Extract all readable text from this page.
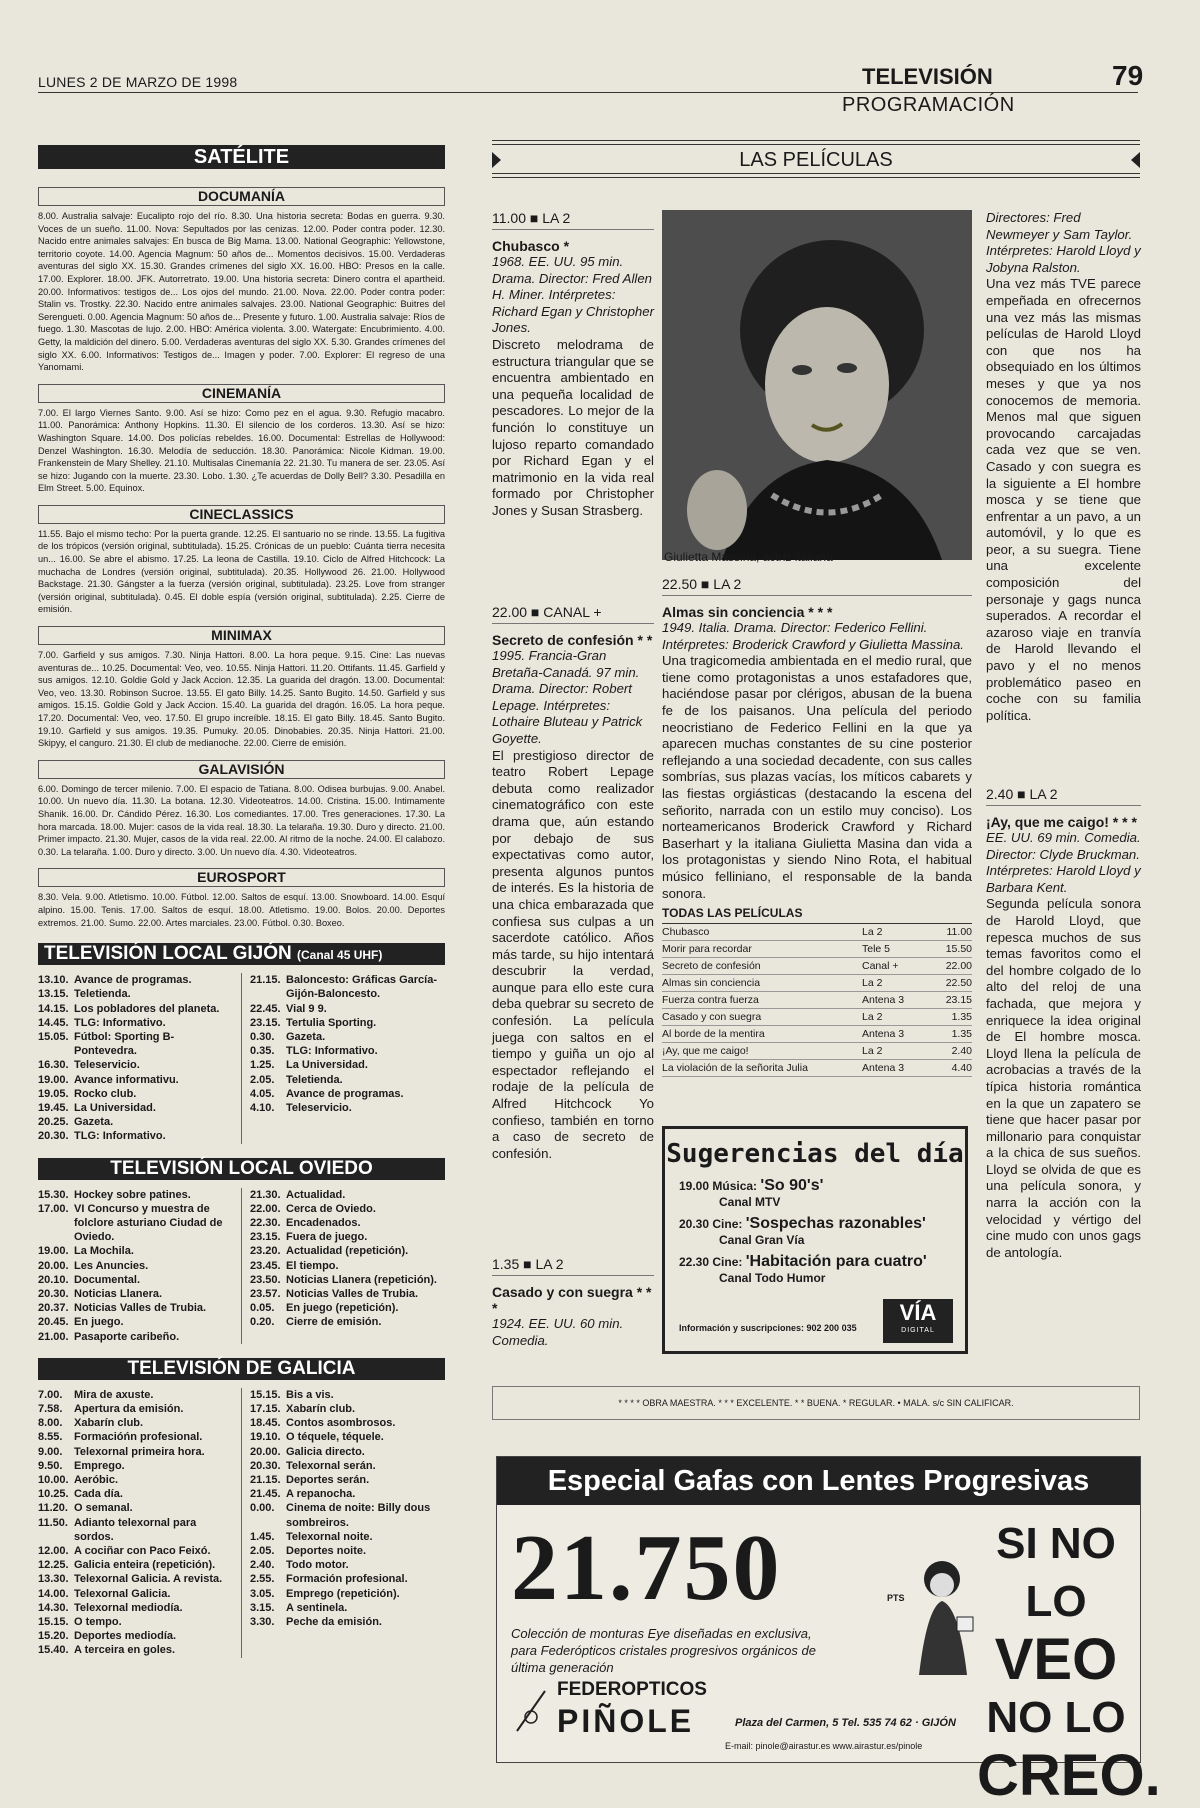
LUNES 2 DE MARZO DE 1998	TELEVISIÓN	79
PROGRAMACIÓN
SATÉLITE
DOCUMANÍA
8.00. Australia salvaje: Eucalipto rojo del río. 8.30. Una historia secreta: Bodas en guerra. 9.30. Voces de un sueño. 11.00. Nova: Sepultados por las cenizas. 12.00. Poder contra poder. 12.30. Nacido entre animales salvajes: En busca de Big Mama. 13.00. National Geographic: Yellowstone, territorio coyote. 14.00. Agencia Magnum: 50 años de... Momentos decisivos. 15.00. Verdaderas aventuras del siglo XX. 15.30. Grandes crímenes del siglo XX. 16.00. HBO: Presos en la calle. 17.00. Explorer. 18.00. JFK. Autorretrato. 19.00. Una historia secreta: Dinero contra el apartheid. 20.00. Informativos: testigos de... Los ojos del mundo. 21.00. Nova. 22.00. Poder contra poder: Stalin vs. Trostky. 22.30. Nacido entre animales salvajes. 23.00. National Geographic: Buitres del Serengueti. 0.00. Agencia Magnum: 50 años de... Presente y futuro. 1.00. Australia salvaje: Ríos de fuego. 1.30. Mascotas de lujo. 2.00. HBO: América violenta. 3.00. Watergate: Encubrimiento. 4.00. Getty, la maldición del dinero. 5.00. Verdaderas aventuras del siglo XX. 5.30. Grandes crímenes del siglo XX. 6.00. Informativos: Testigos de... Imagen y poder. 7.00. Explorer: El regreso de una Yanomami.
CINEMANÍA
7.00. El largo Viernes Santo. 9.00. Así se hizo: Como pez en el agua. 9.30. Refugio macabro. 11.00. Panorámica: Anthony Hopkins. 11.30. El silencio de los corderos. 13.30. Así se hizo: Washington Square. 14.00. Dos policías rebeldes. 16.00. Documental: Estrellas de Hollywood: Denzel Washington. 16.30. Melodía de seducción. 18.30. Panorámica: Nicole Kidman. 19.00. Frankenstein de Mary Shelley. 21.10. Multisalas Cinemanía 22. 21.30. Tu manera de ser. 23.05. Así se hizo: Jugando con la muerte. 23.30. Lobo. 1.30. ¿Te acuerdas de Dolly Bell? 3.30. Pesadilla en Elm Street. 5.00. Equinox.
CINECLASSICS
11.55. Bajo el mismo techo: Por la puerta grande. 12.25. El santuario no se rinde. 13.55. La fugitiva de los trópicos (versión original, subtitulada). 15.25. Crónicas de un pueblo: Cuánta tierra necesita un... 16.00. Se abre el abismo. 17.25. La leona de Castilla. 19.10. Ciclo de Alfred Hitchcock: La muchacha de Londres (versión original, subtitulada). 20.35. Hollywood 26. 21.00. Hollywood Backstage. 21.30. Gángster a la fuerza (versión original, subtitulada). 23.25. Love from stranger (versión original, subtitulada). 0.45. El doble espía (versión original, subtitulada). 2.25. Cierre de emisión.
MINIMAX
7.00. Garfield y sus amigos. 7.30. Ninja Hattori. 8.00. La hora peque. 9.15. Cine: Las nuevas aventuras de... 10.25. Documental: Veo, veo. 10.55. Ninja Hattori. 11.20. Ottifants. 11.45. Garfield y sus amigos. 12.10. Goldie Gold y Jack Accion. 12.35. La guarida del dragón. 13.00. Documental: Veo, veo. 13.30. Robinson Sucroe. 13.55. El gato Billy. 14.25. Santo Bugito. 14.50. Garfield y sus amigos. 15.15. Goldie Gold y Jack Accion. 15.40. La guarida del dragón. 16.05. La hora peque. 17.20. Documental: Veo, veo. 17.50. El grupo increíble. 18.15. El gato Billy. 18.45. Santo Bugito. 19.10. Garfield y sus amigos. 19.35. Pumuky. 20.05. Dinobabies. 20.35. Ninja Hattori. 21.00. Skipyy, el canguro. 21.30. El club de medianoche. 22.00. Cierre de emisión.
GALAVISIÓN
6.00. Domingo de tercer milenio. 7.00. El espacio de Tatiana. 8.00. Odisea burbujas. 9.00. Anabel. 10.00. Un nuevo día. 11.30. La botana. 12.30. Videoteatros. 14.00. Cristina. 15.00. Intimamente Shanik. 16.00. Dr. Cándido Pérez. 16.30. Los comediantes. 17.00. Tres generaciones. 17.30. La hora marcada. 18.00. Mujer: casos de la vida real. 18.30. La telaraña. 19.30. Duro y directo. 21.00. Primer impacto. 21.30. Mujer, casos de la vida real. 22.00. Al ritmo de la noche. 24.00. El calabozo. 0.30. La telaraña. 1.00. Duro y directo. 3.00. Un nuevo día. 4.30. Videoteatros.
EUROSPORT
8.30. Vela. 9.00. Atletismo. 10.00. Fútbol. 12.00. Saltos de esquí. 13.00. Snowboard. 14.00. Esquí alpino. 15.00. Tenis. 17.00. Saltos de esquí. 18.00. Atletismo. 19.00. Bolos. 20.00. Deportes extremos. 21.00. Sumo. 22.00. Artes marciales. 23.00. Fútbol. 0.30. Boxeo.
TELEVISIÓN LOCAL GIJÓN (Canal 45 UHF)
13.10.	Avance de programas.
13.15.	Teletienda.
14.15.	Los pobladores del planeta.
14.45.	TLG: Informativo.
15.05.	Fútbol: Sporting B-Pontevedra.
16.30.	Teleservicio.
19.00.	Avance informativu.
19.05.	Rocko club.
19.45.	La Universidad.
20.25.	Gazeta.
20.30.	TLG: Informativo.

21.15.	Baloncesto: Gráficas García-Gijón-Baloncesto.
22.45.	Vial 9 9.
23.15.	Tertulia Sporting.
0.30.	Gazeta.
0.35.	TLG: Informativo.
1.25.	La Universidad.
2.05.	Teletienda.
4.05.	Avance de programas.
4.10.	Teleservicio.
TELEVISIÓN LOCAL OVIEDO
15.30.	Hockey sobre patines.
17.00.	VI Concurso y muestra de folclore asturiano Ciudad de Oviedo.
19.00.	La Mochila.
20.00.	Les Anuncies.
20.10.	Documental.
20.30.	Noticias Llanera.
20.37.	Noticias Valles de Trubia.
20.45.	En juego.
21.00.	Pasaporte caribeño.

21.30.	Actualidad.
22.00.	Cerca de Oviedo.
22.30.	Encadenados.
23.15.	Fuera de juego.
23.20.	Actualidad (repetición).
23.45.	El tiempo.
23.50.	Noticias Llanera (repetición).
23.57.	Noticias Valles de Trubia.
0.05.	En juego (repetición).
0.20.	Cierre de emisión.
TELEVISIÓN DE GALICIA
7.00.	Mira de axuste.
7.58.	Apertura da emisión.
8.00.	Xabarín club.
8.55.	Formacióńn profesional.
9.00.	Telexornal primeira hora.
9.50.	Emprego.
10.00.	Aeróbic.
10.25.	Cada día.
11.20.	O semanal.
11.50.	Adianto telexornal para sordos.
12.00.	A cociñar con Paco Feixó.
12.25.	Galicia enteira (repetición).
13.30.	Telexornal Galicia. A revista.
14.00.	Telexornal Galicia.
14.30.	Telexornal mediodía.
15.15.	O tempo.
15.20.	Deportes mediodía.
15.40.	A terceira en goles.

15.15.	Bis a vis.
17.15.	Xabarín club.
18.45.	Contos asombrosos.
19.10.	O téquele, téquele.
20.00.	Galicia directo.
20.30.	Telexornal serán.
21.15.	Deportes serán.
21.45.	A repanocha.
0.00.	Cinema de noite: Billy dous sombreiros.
1.45.	Telexornal noite.
2.05.	Deportes noite.
2.40.	Todo motor.
2.55.	Formación profesional.
3.05.	Emprego (repetición).
3.15.	A sentinela.
3.30.	Peche da emisión.
LAS PELÍCULAS
11.00 ■ LA 2
Chubasco *
1968. EE. UU. 95 min. Drama. Director: Fred Allen H. Miner. Intérpretes: Richard Egan y Christopher Jones.
Discreto melodrama de estructura triangular que se encuentra ambientado en una pequeña localidad de pescadores. Lo mejor de la función lo constituye un lujoso reparto comandado por Richard Egan y el matrimonio en la vida real formado por Christopher Jones y Susan Strasberg.
22.00 ■ CANAL +
Secreto de confesión * *
1995. Francia-Gran Bretaña-Canadá. 97 min. Drama. Director: Robert Lepage. Intérpretes: Lothaire Bluteau y Patrick Goyette.
El prestigioso director de teatro Robert Lepage debuta como realizador cinematográfico con este drama que, aún estando por debajo de sus expectativas como autor, presenta algunos puntos de interés. Es la historia de una chica embarazada que confiesa sus culpas a un sacerdote católico. Años más tarde, su hijo intentará descubrir la verdad, aunque para ello este cura deba quebrar su secreto de confesión. La película juega con saltos en el tiempo y guiña un ojo al espectador reflejando el rodaje de la película de Alfred Hitchcock Yo confieso, también en torno a caso de secreto de confesión.
1.35 ■ LA 2
Casado y con suegra * * *
1924. EE. UU. 60 min. Comedia.
Giulietta Massina, actriz italiana
22.50 ■ LA 2
Almas sin conciencia * * *
1949. Italia. Drama. Director: Federico Fellini. Intérpretes: Broderick Crawford y Giulietta Massina.
Una tragicomedia ambientada en el medio rural, que tiene como protagonistas a unos estafadores que, haciéndose pasar por clérigos, abusan de la buena fe de los paisanos. Una película del periodo neocristiano de Federico Fellini en la que ya aparecen muchas constantes de su cine posterior reflejando a una sociedad decadente, con sus calles sombrías, sus plazas vacías, los míticos cabarets y las fiestas orgiásticas (destacando la escena del señorito, narrada con un estilo muy conciso). Los norteamericanos Broderick Crawford y Richard Baserhart y la italiana Giulietta Masina dan vida a los protagonistas y siendo Nino Rota, el habitual músico felliniano, el responsable de la banda sonora.
TODAS LAS PELÍCULAS
Chubasco	La 2	11.00
Morir para recordar	Tele 5	15.50
Secreto de confesión	Canal +	22.00
Almas sin conciencia	La 2	22.50
Fuerza contra fuerza	Antena 3	23.15
Casado y con suegra	La 2	1.35
Al borde de la mentira	Antena 3	1.35
¡Ay, que me caigo!	La 2	2.40
La violación de la señorita Julia	Antena 3	4.40
Sugerencias del día
19.00 Música: 'So 90's'
Canal MTV
20.30 Cine: 'Sospechas razonables'
Canal Gran Vía
22.30 Cine: 'Habitación para cuatro'
Canal Todo Humor
Información y suscripciones: 902 200 035
VÍA
DIGITAL
Directores: Fred Newmeyer y Sam Taylor. Intérpretes: Harold Lloyd y Jobyna Ralston.
Una vez más TVE parece empeñada en ofrecernos una vez más las mismas películas de Harold Lloyd con que nos ha obsequiado en los últimos meses y que ya nos conocemos de memoria. Menos mal que siguen provocando carcajadas cada vez que se ven. Casado y con suegra es la siguiente a El hombre mosca y se tiene que enfrentar a un pavo, a un automóvil, y lo que es peor, a su suegra. Tiene una excelente composición del personaje y gags nunca superados. A recordar el azaroso viaje en tranvía de Harold llevando el pavo y el no menos problemático paseo en coche con su familia política.
2.40 ■ LA 2
¡Ay, que me caigo! * * *
EE. UU. 69 min. Comedia. Director: Clyde Bruckman. Intérpretes: Harold Lloyd y Barbara Kent.
Segunda película sonora de Harold Lloyd, que repesca muchos de sus temas favoritos como el del hombre colgado de lo alto del reloj de una fachada, que mejora y enriquece la idea original de El hombre mosca. Lloyd llena la película de acrobacias a través de la típica historia romántica en la que un zapatero se tiene que hacer pasar por millonario para conquistar a la chica de sus sueños. Lloyd se olvida de que es una película sonora, y narra la acción con la velocidad y vértigo del cine mudo con unos gags de antología.
* * * * OBRA MAESTRA. * * * EXCELENTE. * * BUENA. * REGULAR. • MALA. s/c SIN CALIFICAR.
Especial Gafas con Lentes Progresivas
21.750	PTS
Colección de monturas Eye diseñadas en exclusiva, para Federópticos cristales progresivos orgánicos de última generación
FEDEROPTICOS
PIÑOLE	Plaza del Carmen, 5 Tel. 535 74 62 · GIJÓN
E-mail: pinole@airastur.es www.airastur.es/pinole
SI NO LO
VEO
NO LO
CREO.
